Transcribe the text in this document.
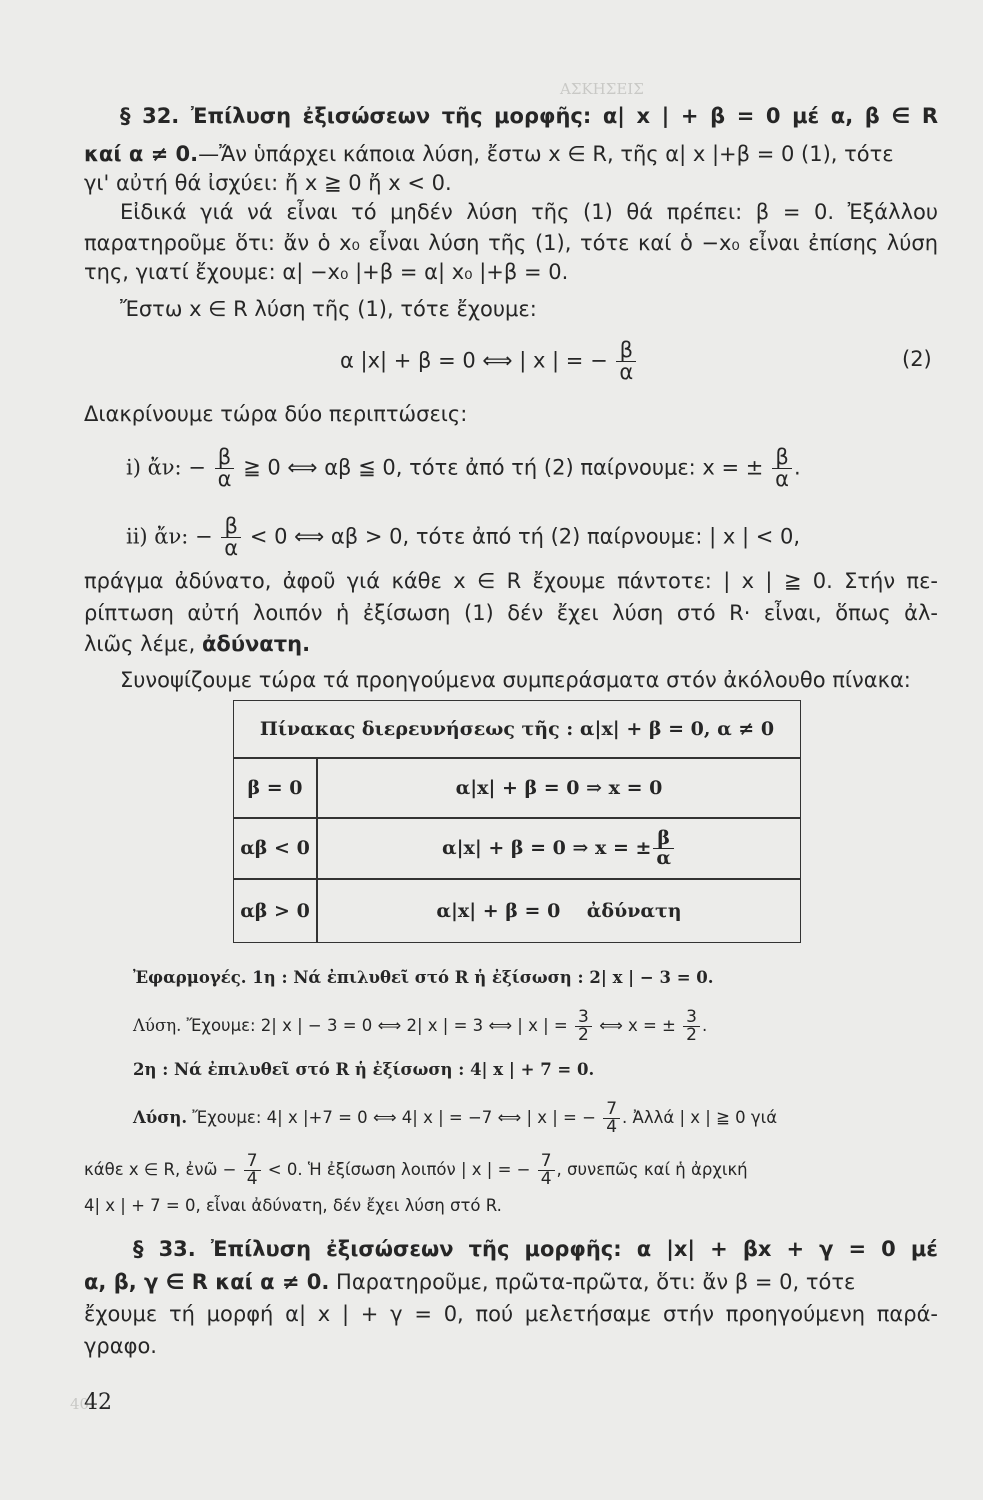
ΑΣΚΗΣΕΙΣ
40
§ 32. Ἐπίλυση ἐξισώσεων τῆς μορφῆς: α| x | + β = 0 μέ α, β ∈ R
καί α ≠ 0.—Ἄν ὑπάρχει κάποια λύση, ἔστω x ∈ R, τῆς α| x |+β = 0 (1), τότε
γι' αὐτή θά ἰσχύει: ἤ x ≧ 0 ἤ x < 0.
Εἰδικά γιά νά εἶναι τό μηδέν λύση τῆς (1) θά πρέπει: β = 0. Ἐξάλλου
παρατηροῦμε ὅτι: ἄν ὁ x₀ εἶναι λύση τῆς (1), τότε καί ὁ −x₀ εἶναι ἐπίσης λύση
της, γιατί ἔχουμε: α| −x₀ |+β = α| x₀ |+β = 0.
Ἔστω x ∈ R λύση τῆς (1), τότε ἔχουμε:
α |x| + β = 0 ⟺ | x | = − $\frac{\beta}{\alpha}$	(2)
Διακρίνουμε τώρα δύο περιπτώσεις:
i) ἄν: − $\frac{\beta}{\alpha}$ ≧ 0 ⟺ αβ ≦ 0, τότε ἀπό τή (2) παίρνουμε: x = ± $\frac{\beta}{\alpha}$ .
ii) ἄν: − $\frac{\beta}{\alpha} < 0$ ⟺ αβ > 0, τότε ἀπό τή (2) παίρνουμε: | x | < 0,
πράγμα ἀδύνατο, ἀφοῦ γιά κάθε x ∈ R ἔχουμε πάντοτε: | x | ≧ 0. Στήν πε-
ρίπτωση αὐτή λοιπόν ἡ ἐξίσωση (1) δέν ἔχει λύση στό R· εἶναι, ὅπως ἀλ-
λιῶς λέμε, ἀδύνατη.
Συνοψίζουμε τώρα τά προηγούμενα συμπεράσματα στόν ἀκόλουθο πίνακα:
Πίνακας διερευνήσεως τῆς : α|x| + β = 0, α ≠ 0
β = 0	α|x| + β = 0 ⇒ x = 0
αβ < 0	α|x| + β = 0 ⇒ x = ± $\frac{\beta}{\alpha}$
αβ > 0	α|x| + β = 0    ἀδύνατη
Ἐφαρμογές. 1η : Νά ἐπιλυθεῖ στό R ἡ ἐξίσωση : 2| x | − 3 = 0.
Λύση. Ἔχουμε: 2| x | − 3 = 0 ⟺ 2| x | = 3 ⟺ | x | = $\frac{3}{2}$ ⟺ x = ± $\frac{3}{2}$ .
2η : Νά ἐπιλυθεῖ στό R ἡ ἐξίσωση : 4| x | + 7 = 0.
Λύση. Ἔχουμε: 4| x |+7 = 0 ⟺ 4| x | = −7 ⟺ | x | = − $\frac{7}{4}$ . Ἀλλά | x | ≧ 0 γιά
κάθε x ∈ R, ἐνῶ − $\frac{7}{4} < 0$. Ἡ ἐξίσωση λοιπόν | x | = − $\frac{7}{4}$ , συνεπῶς καί ἡ ἀρχική
4| x | + 7 = 0, εἶναι ἀδύνατη, δέν ἔχει λύση στό R.
§ 33. Ἐπίλυση ἐξισώσεων τῆς μορφῆς: α |x| + βx + γ = 0 μέ
α, β, γ ∈ R καί α ≠ 0. Παρατηροῦμε, πρῶτα-πρῶτα, ὅτι: ἄν β = 0, τότε
ἔχουμε τή μορφή α| x | + γ = 0, πού μελετήσαμε στήν προηγούμενη παρά-
γραφο.
42
